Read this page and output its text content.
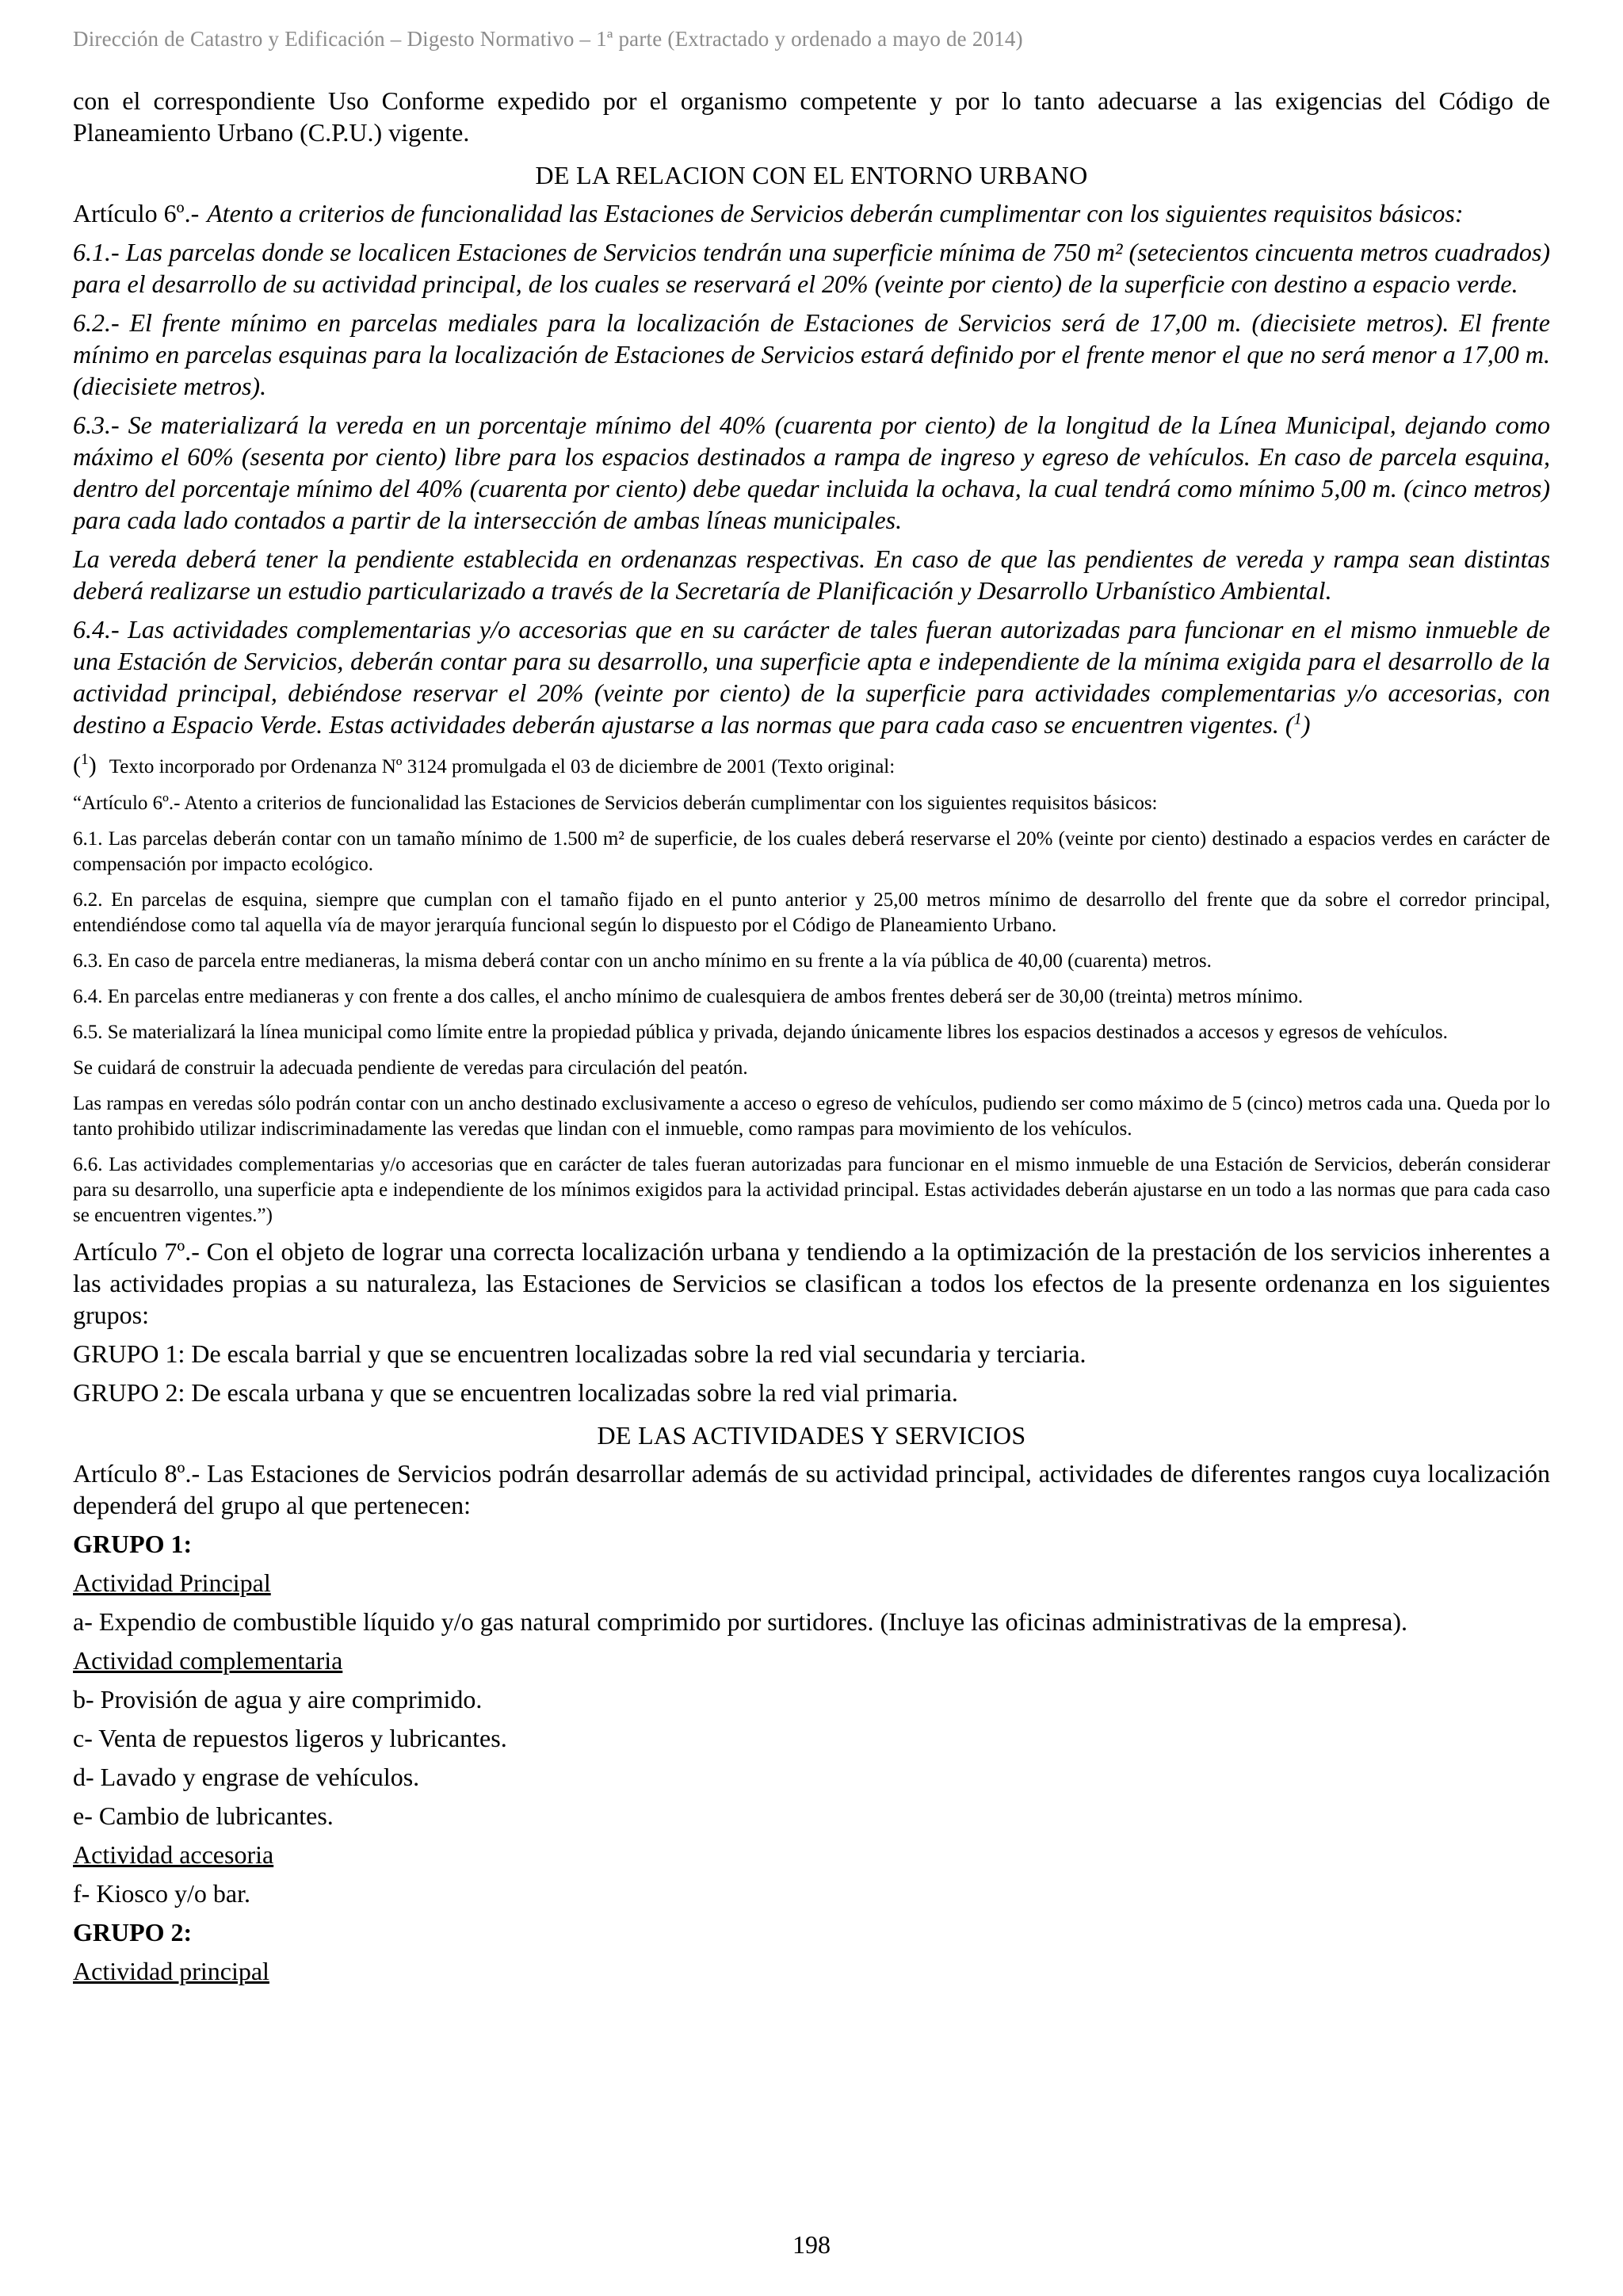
Dirección de Catastro y Edificación – Digesto Normativo – 1ª parte (Extractado y ordenado a mayo de 2014)

con el correspondiente Uso Conforme expedido por el organismo competente y por lo tanto adecuarse a las exigencias del Código de Planeamiento Urbano (C.P.U.) vigente.

DE LA RELACION CON EL ENTORNO URBANO

Artículo 6º.- Atento a criterios de funcionalidad las Estaciones de Servicios deberán cumplimentar con los siguientes requisitos básicos:

6.1.- Las parcelas donde se localicen Estaciones de Servicios tendrán una superficie mínima de 750 m² (setecientos cincuenta metros cuadrados) para el desarrollo de su actividad principal, de los cuales se reservará el 20% (veinte por ciento) de la superficie con destino a espacio verde.

6.2.- El frente mínimo en parcelas mediales para la localización de Estaciones de Servicios será de 17,00 m. (diecisiete metros). El frente mínimo en parcelas esquinas para la localización de Estaciones de Servicios estará definido por el frente menor el que no será menor a 17,00 m. (diecisiete metros).

6.3.- Se materializará la vereda en un porcentaje mínimo del 40% (cuarenta por ciento) de la longitud de la Línea Municipal, dejando como máximo el 60% (sesenta por ciento) libre para los espacios destinados a rampa de ingreso y egreso de vehículos. En caso de parcela esquina, dentro del porcentaje mínimo del 40% (cuarenta por ciento) debe quedar incluida la ochava, la cual tendrá como mínimo 5,00 m. (cinco metros) para cada lado contados a partir de la intersección de ambas líneas municipales.

La vereda deberá tener la pendiente establecida en ordenanzas respectivas. En caso de que las pendientes de vereda y rampa sean distintas deberá realizarse un estudio particularizado a través de la Secretaría de Planificación y Desarrollo Urbanístico Ambiental.

6.4.- Las actividades complementarias y/o accesorias que en su carácter de tales fueran autorizadas para funcionar en el mismo inmueble de una Estación de Servicios, deberán contar para su desarrollo, una superficie apta e independiente de la mínima exigida para el desarrollo de la actividad principal, debiéndose reservar el 20% (veinte por ciento) de la superficie para actividades complementarias y/o accesorias, con destino a Espacio Verde. Estas actividades deberán ajustarse a las normas que para cada caso se encuentren vigentes. ($^1$)

($^1$) Texto incorporado por Ordenanza Nº 3124 promulgada el 03 de diciembre de 2001 (Texto original:

“Artículo 6º.- Atento a criterios de funcionalidad las Estaciones de Servicios deberán cumplimentar con los siguientes requisitos básicos:

6.1. Las parcelas deberán contar con un tamaño mínimo de 1.500 m² de superficie, de los cuales deberá reservarse el 20% (veinte por ciento) destinado a espacios verdes en carácter de compensación por impacto ecológico.

6.2. En parcelas de esquina, siempre que cumplan con el tamaño fijado en el punto anterior y 25,00 metros mínimo de desarrollo del frente que da sobre el corredor principal, entendiéndose como tal aquella vía de mayor jerarquía funcional según lo dispuesto por el Código de Planeamiento Urbano.

6.3. En caso de parcela entre medianeras, la misma deberá contar con un ancho mínimo en su frente a la vía pública de 40,00 (cuarenta) metros.

6.4. En parcelas entre medianeras y con frente a dos calles, el ancho mínimo de cualesquiera de ambos frentes deberá ser de 30,00 (treinta) metros mínimo.

6.5. Se materializará la línea municipal como límite entre la propiedad pública y privada, dejando únicamente libres los espacios destinados a accesos y egresos de vehículos.

Se cuidará de construir la adecuada pendiente de veredas para circulación del peatón.

Las rampas en veredas sólo podrán contar con un ancho destinado exclusivamente a acceso o egreso de vehículos, pudiendo ser como máximo de 5 (cinco) metros cada una. Queda por lo tanto prohibido utilizar indiscriminadamente las veredas que lindan con el inmueble, como rampas para movimiento de los vehículos.

6.6. Las actividades complementarias y/o accesorias que en carácter de tales fueran autorizadas para funcionar en el mismo inmueble de una Estación de Servicios, deberán considerar para su desarrollo, una superficie apta e independiente de los mínimos exigidos para la actividad principal. Estas actividades deberán ajustarse en un todo a las normas que para cada caso se encuentren vigentes.”)

Artículo 7º.- Con el objeto de lograr una correcta localización urbana y tendiendo a la optimización de la prestación de los servicios inherentes a las actividades propias a su naturaleza, las Estaciones de Servicios se clasifican a todos los efectos de la presente ordenanza en los siguientes grupos:

GRUPO 1: De escala barrial y que se encuentren localizadas sobre la red vial secundaria y terciaria.

GRUPO 2: De escala urbana y que se encuentren localizadas sobre la red vial primaria.

DE LAS ACTIVIDADES Y SERVICIOS

Artículo 8º.- Las Estaciones de Servicios podrán desarrollar además de su actividad principal, actividades de diferentes rangos cuya localización dependerá del grupo al que pertenecen:

GRUPO 1:

Actividad Principal

a- Expendio de combustible líquido y/o gas natural comprimido por surtidores. (Incluye las oficinas administrativas de la empresa).

Actividad complementaria

b- Provisión de agua y aire comprimido.

c- Venta de repuestos ligeros y lubricantes.

d- Lavado y engrase de vehículos.

e- Cambio de lubricantes.

Actividad accesoria

f- Kiosco y/o bar.

GRUPO 2:

Actividad principal

198
